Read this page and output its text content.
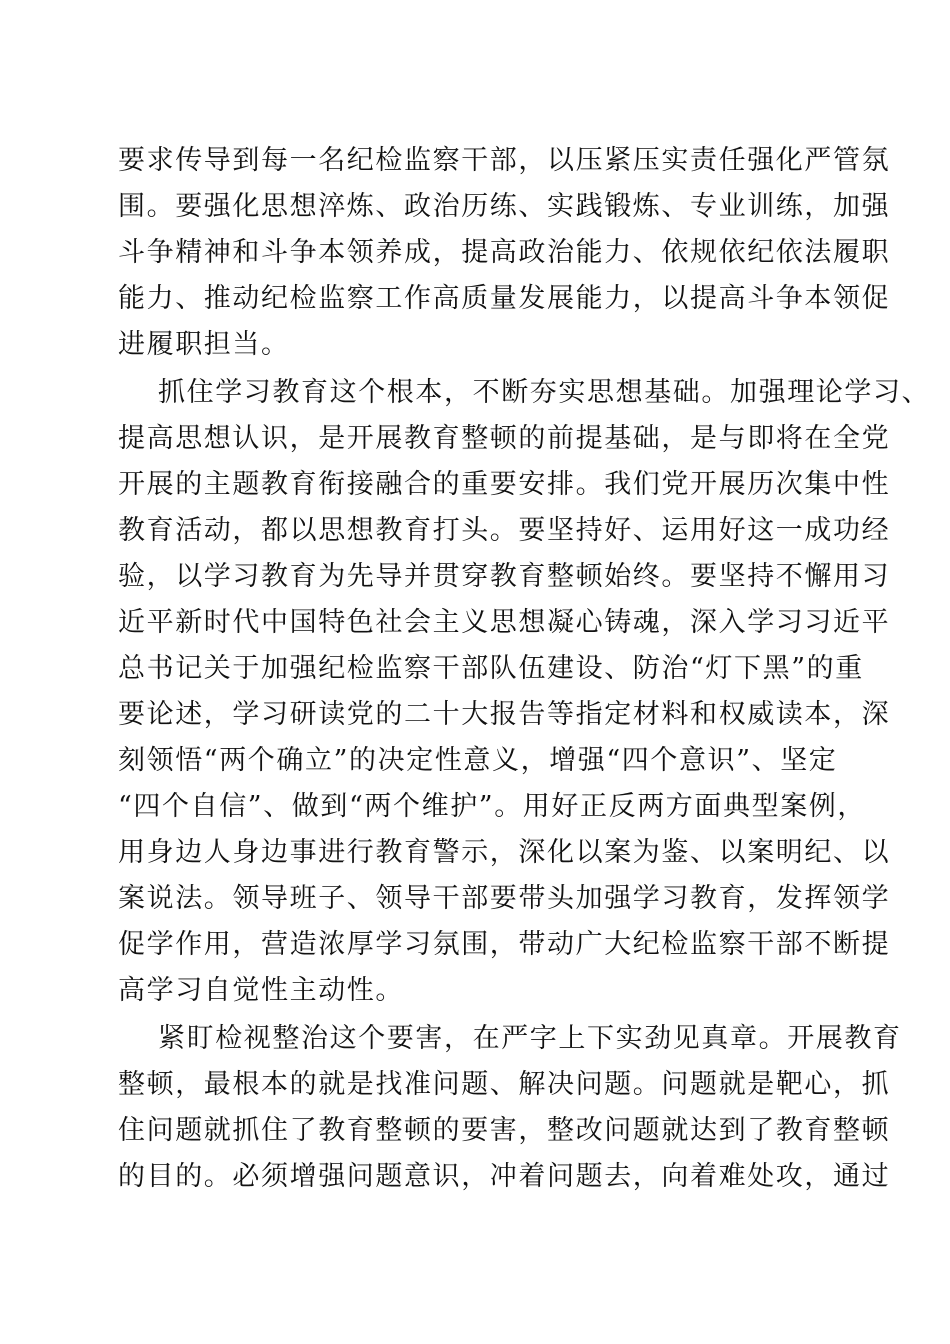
要求传导到每一名纪检监察干部，以压紧压实责任强化严管氛
围。要强化思想淬炼、政治历练、实践锻炼、专业训练，加强
斗争精神和斗争本领养成，提高政治能力、依规依纪依法履职
能力、推动纪检监察工作高质量发展能力，以提高斗争本领促
进履职担当。
抓住学习教育这个根本，不断夯实思想基础。加强理论学习、
提高思想认识，是开展教育整顿的前提基础，是与即将在全党
开展的主题教育衔接融合的重要安排。我们党开展历次集中性
教育活动，都以思想教育打头。要坚持好、运用好这一成功经
验，以学习教育为先导并贯穿教育整顿始终。要坚持不懈用习
近平新时代中国特色社会主义思想凝心铸魂，深入学习习近平
总书记关于加强纪检监察干部队伍建设、防治“灯下黑”的重
要论述，学习研读党的二十大报告等指定材料和权威读本，深
刻领悟“两个确立”的决定性意义，增强“四个意识”、坚定
“四个自信”、做到“两个维护”。用好正反两方面典型案例，
用身边人身边事进行教育警示，深化以案为鉴、以案明纪、以
案说法。领导班子、领导干部要带头加强学习教育，发挥领学
促学作用，营造浓厚学习氛围，带动广大纪检监察干部不断提
高学习自觉性主动性。
紧盯检视整治这个要害，在严字上下实劲见真章。开展教育
整顿，最根本的就是找准问题、解决问题。问题就是靶心，抓
住问题就抓住了教育整顿的要害，整改问题就达到了教育整顿
的目的。必须增强问题意识，冲着问题去，向着难处攻，通过
